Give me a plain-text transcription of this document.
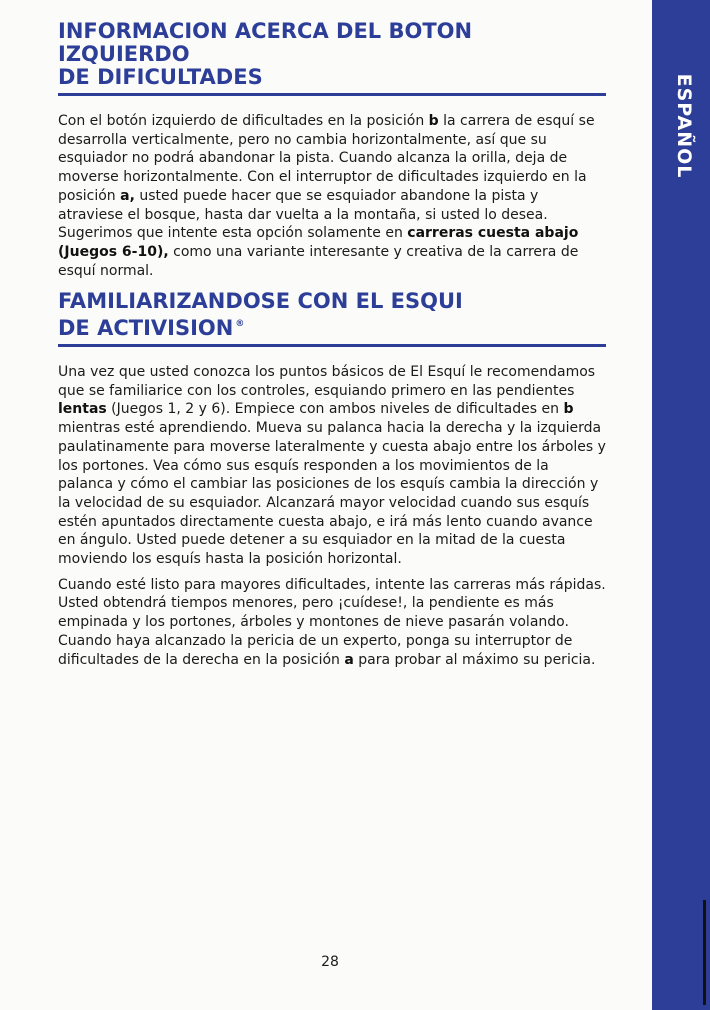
ESPAÑOL
INFORMACION ACERCA DEL BOTON IZQUIERDO
DE DIFICULTADES

Con el botón izquierdo de dificultades en la posición b la carrera de esquí se desarrolla verticalmente, pero no cambia horizontalmente, así que su esquiador no podrá abandonar la pista. Cuando alcanza la orilla, deja de moverse horizontalmente. Con el interruptor de dificultades izquierdo en la posición a, usted puede hacer que se esquiador abandone la pista y atraviese el bosque, hasta dar vuelta a la montaña, si usted lo desea. Sugerimos que intente esta opción solamente en carreras cuesta abajo (Juegos 6-10), como una variante interesante y creativa de la carrera de esquí normal.

FAMILIARIZANDOSE CON EL ESQUI
DE ACTIVISION ®

Una vez que usted conozca los puntos básicos de El Esquí le recomendamos que se familiarice con los controles, esquiando primero en las pendientes lentas (Juegos 1, 2 y 6). Empiece con ambos niveles de dificultades en b mientras esté aprendiendo. Mueva su palanca hacia la derecha y la izquierda paulatinamente para moverse lateralmente y cuesta abajo entre los árboles y los portones. Vea cómo sus esquís responden a los movimientos de la palanca y cómo el cambiar las posiciones de los esquís cambia la dirección y la velocidad de su esquiador. Alcanzará mayor velocidad cuando sus esquís estén apuntados directamente cuesta abajo, e irá más lento cuando avance en ángulo. Usted puede detener a su esquiador en la mitad de la cuesta moviendo los esquís hasta la posición horizontal.

Cuando esté listo para mayores dificultades, intente las carreras más rápidas. Usted obtendrá tiempos menores, pero ¡cuídese!, la pendiente es más empinada y los portones, árboles y montones de nieve pasarán volando. Cuando haya alcanzado la pericia de un experto, ponga su interruptor de dificultades de la derecha en la posición a para probar al máximo su pericia.

28
